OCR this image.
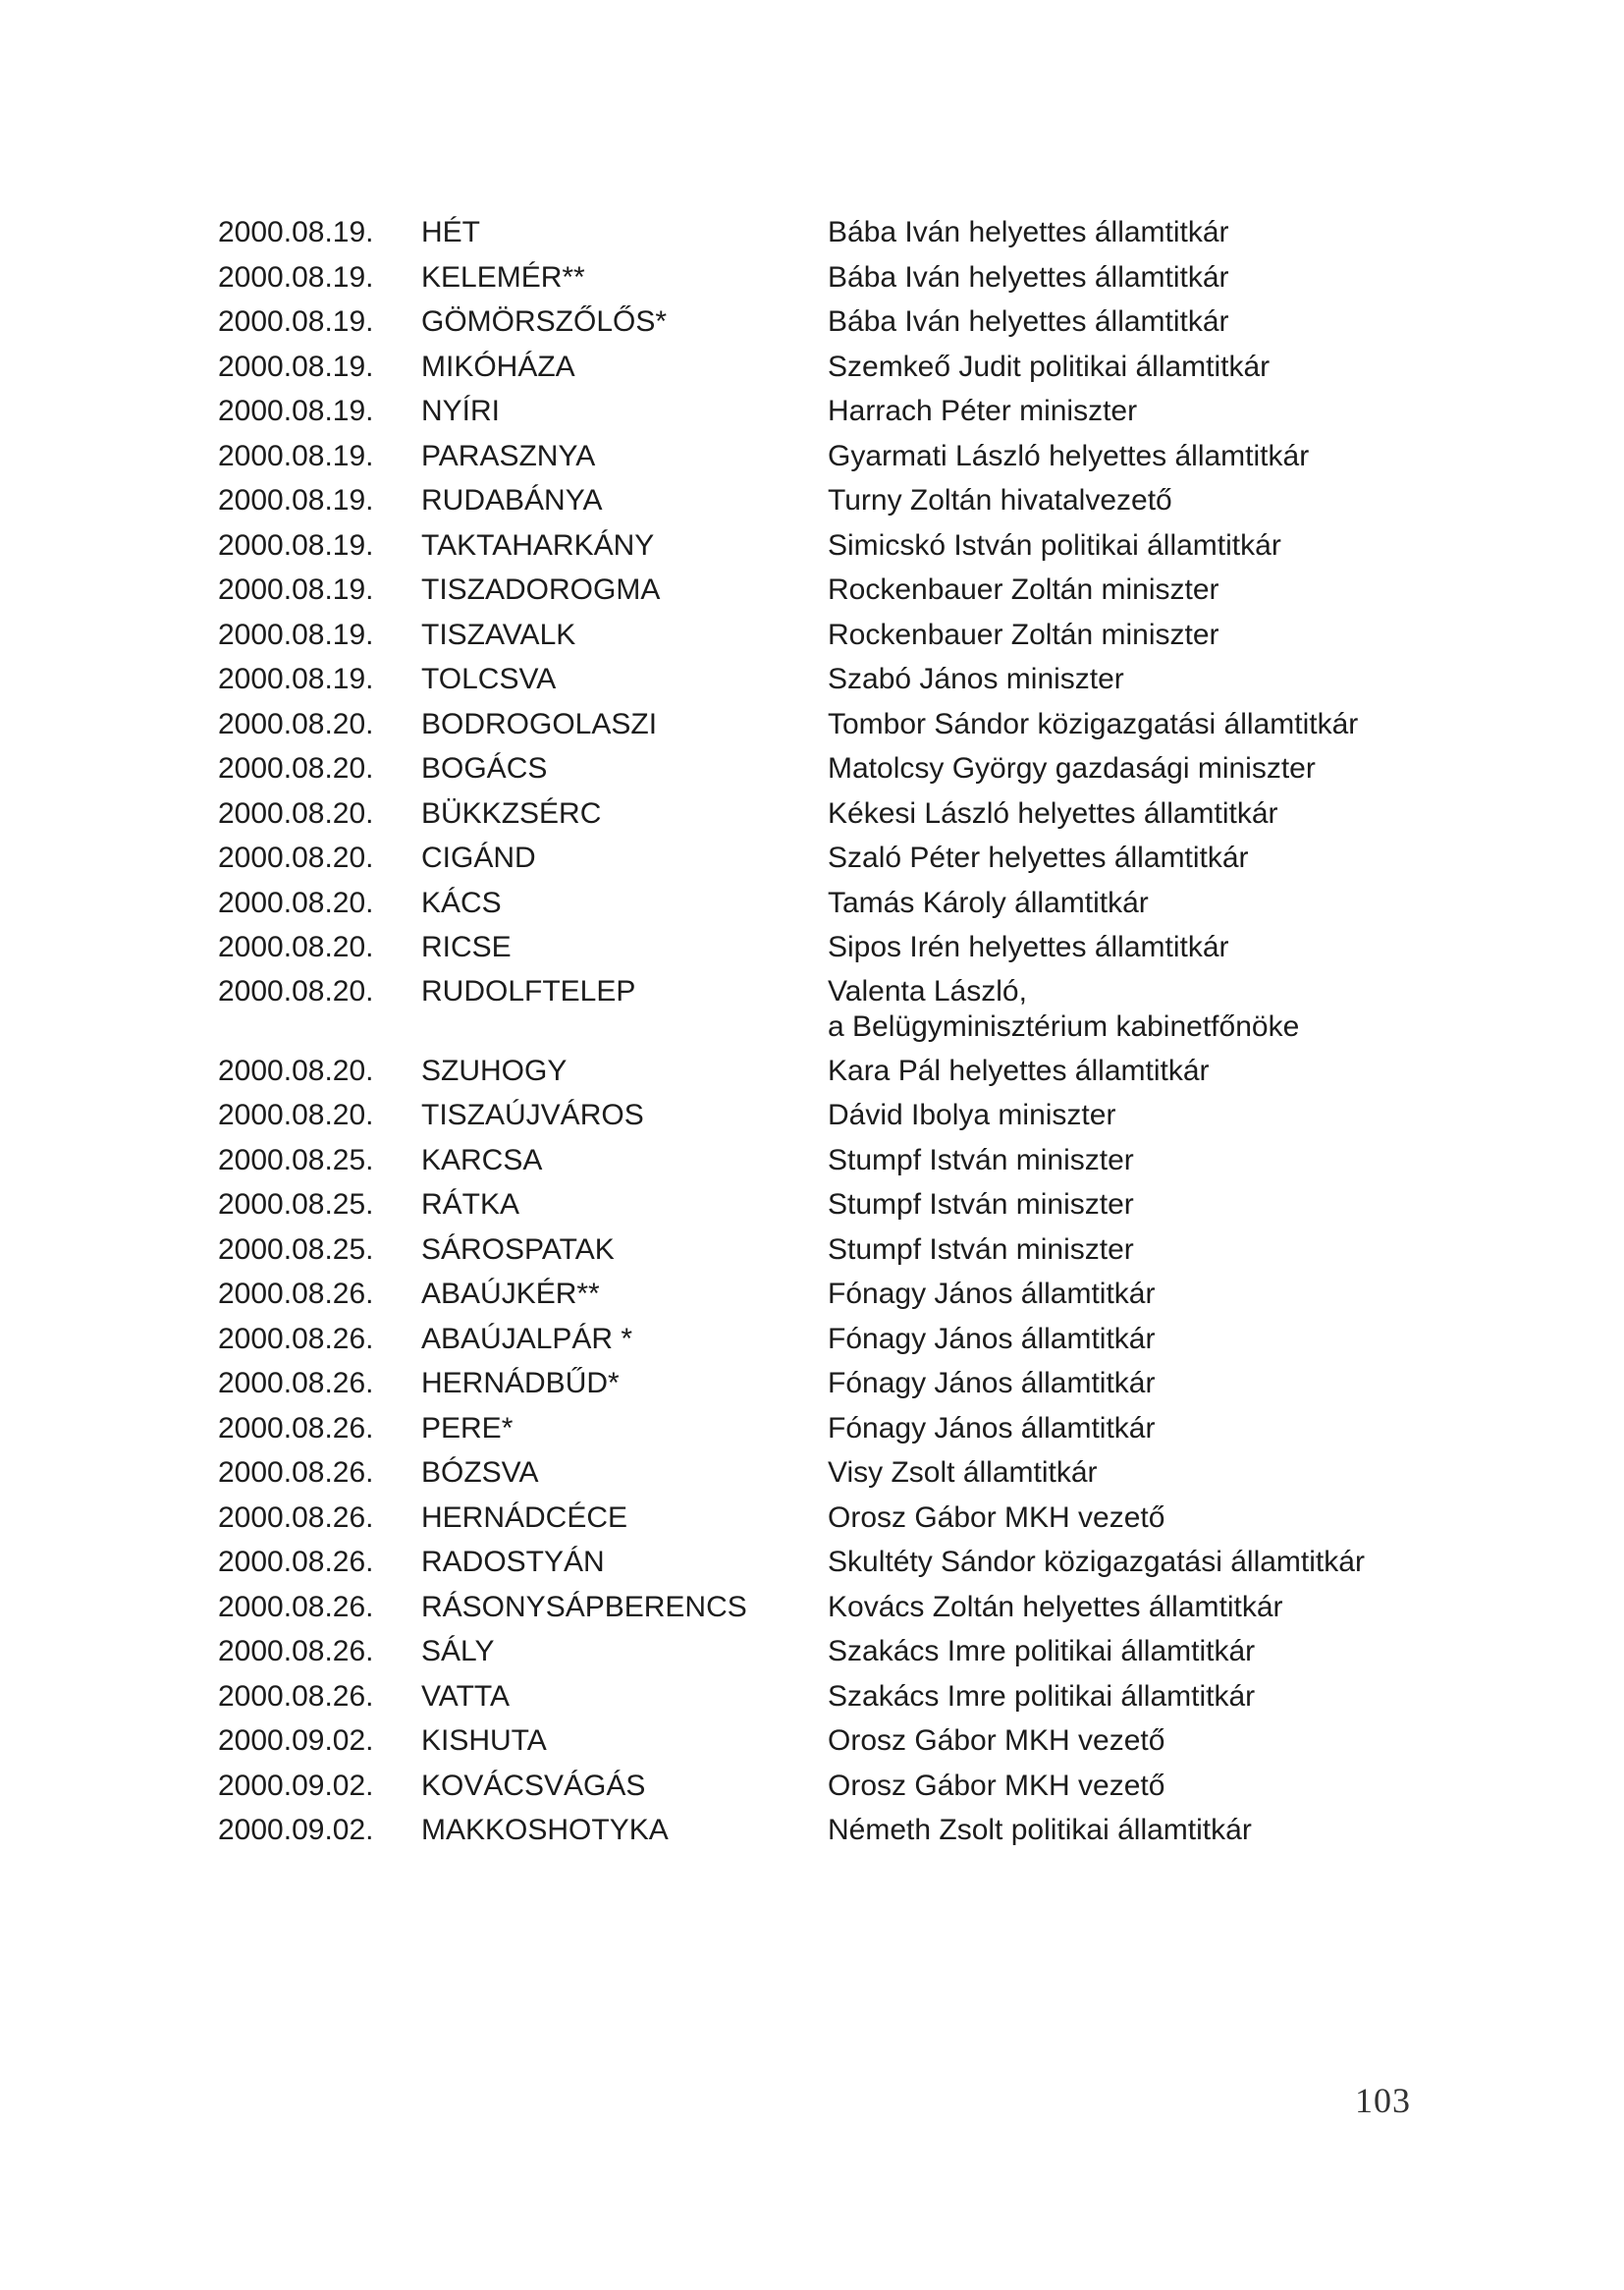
2000.08.19.	HÉT	Bába Iván helyettes államtitkár
2000.08.19.	KELEMÉR**	Bába Iván helyettes államtitkár
2000.08.19.	GÖMÖRSZŐLŐS*	Bába Iván helyettes államtitkár
2000.08.19.	MIKÓHÁZA	Szemkeő Judit politikai államtitkár
2000.08.19.	NYÍRI	Harrach Péter miniszter
2000.08.19.	PARASZNYA	Gyarmati László helyettes államtitkár
2000.08.19.	RUDABÁNYA	Turny Zoltán hivatalvezető
2000.08.19.	TAKTAHARKÁNY	Simicskó István politikai államtitkár
2000.08.19.	TISZADOROGMA	Rockenbauer Zoltán miniszter
2000.08.19.	TISZAVALK	Rockenbauer Zoltán miniszter
2000.08.19.	TOLCSVA	Szabó János miniszter
2000.08.20.	BODROGOLASZI	Tombor Sándor közigazgatási államtitkár
2000.08.20.	BOGÁCS	Matolcsy György gazdasági miniszter
2000.08.20.	BÜKKZSÉRC	Kékesi László helyettes államtitkár
2000.08.20.	CIGÁND	Szaló Péter helyettes államtitkár
2000.08.20.	KÁCS	Tamás Károly államtitkár
2000.08.20.	RICSE	Sipos Irén helyettes államtitkár
2000.08.20.	RUDOLFTELEP	Valenta László,
a Belügyminisztérium kabinetfőnöke
2000.08.20.	SZUHOGY	Kara Pál helyettes államtitkár
2000.08.20.	TISZAÚJVÁROS	Dávid Ibolya miniszter
2000.08.25.	KARCSA	Stumpf István miniszter
2000.08.25.	RÁTKA	Stumpf István miniszter
2000.08.25.	SÁROSPATAK	Stumpf István miniszter
2000.08.26.	ABAÚJKÉR**	Fónagy János államtitkár
2000.08.26.	ABAÚJALPÁR *	Fónagy János államtitkár
2000.08.26.	HERNÁDBŰD*	Fónagy János államtitkár
2000.08.26.	PERE*	Fónagy János államtitkár
2000.08.26.	BÓZSVA	Visy Zsolt államtitkár
2000.08.26.	HERNÁDCÉCE	Orosz Gábor MKH vezető
2000.08.26.	RADOSTYÁN	Skultéty Sándor közigazgatási államtitkár
2000.08.26.	RÁSONYSÁPBERENCS	Kovács Zoltán helyettes államtitkár
2000.08.26.	SÁLY	Szakács Imre politikai államtitkár
2000.08.26.	VATTA	Szakács Imre politikai államtitkár
2000.09.02.	KISHUTA	Orosz Gábor MKH vezető
2000.09.02.	KOVÁCSVÁGÁS	Orosz Gábor MKH vezető
2000.09.02.	MAKKOSHOTYKA	Németh Zsolt politikai államtitkár
103
